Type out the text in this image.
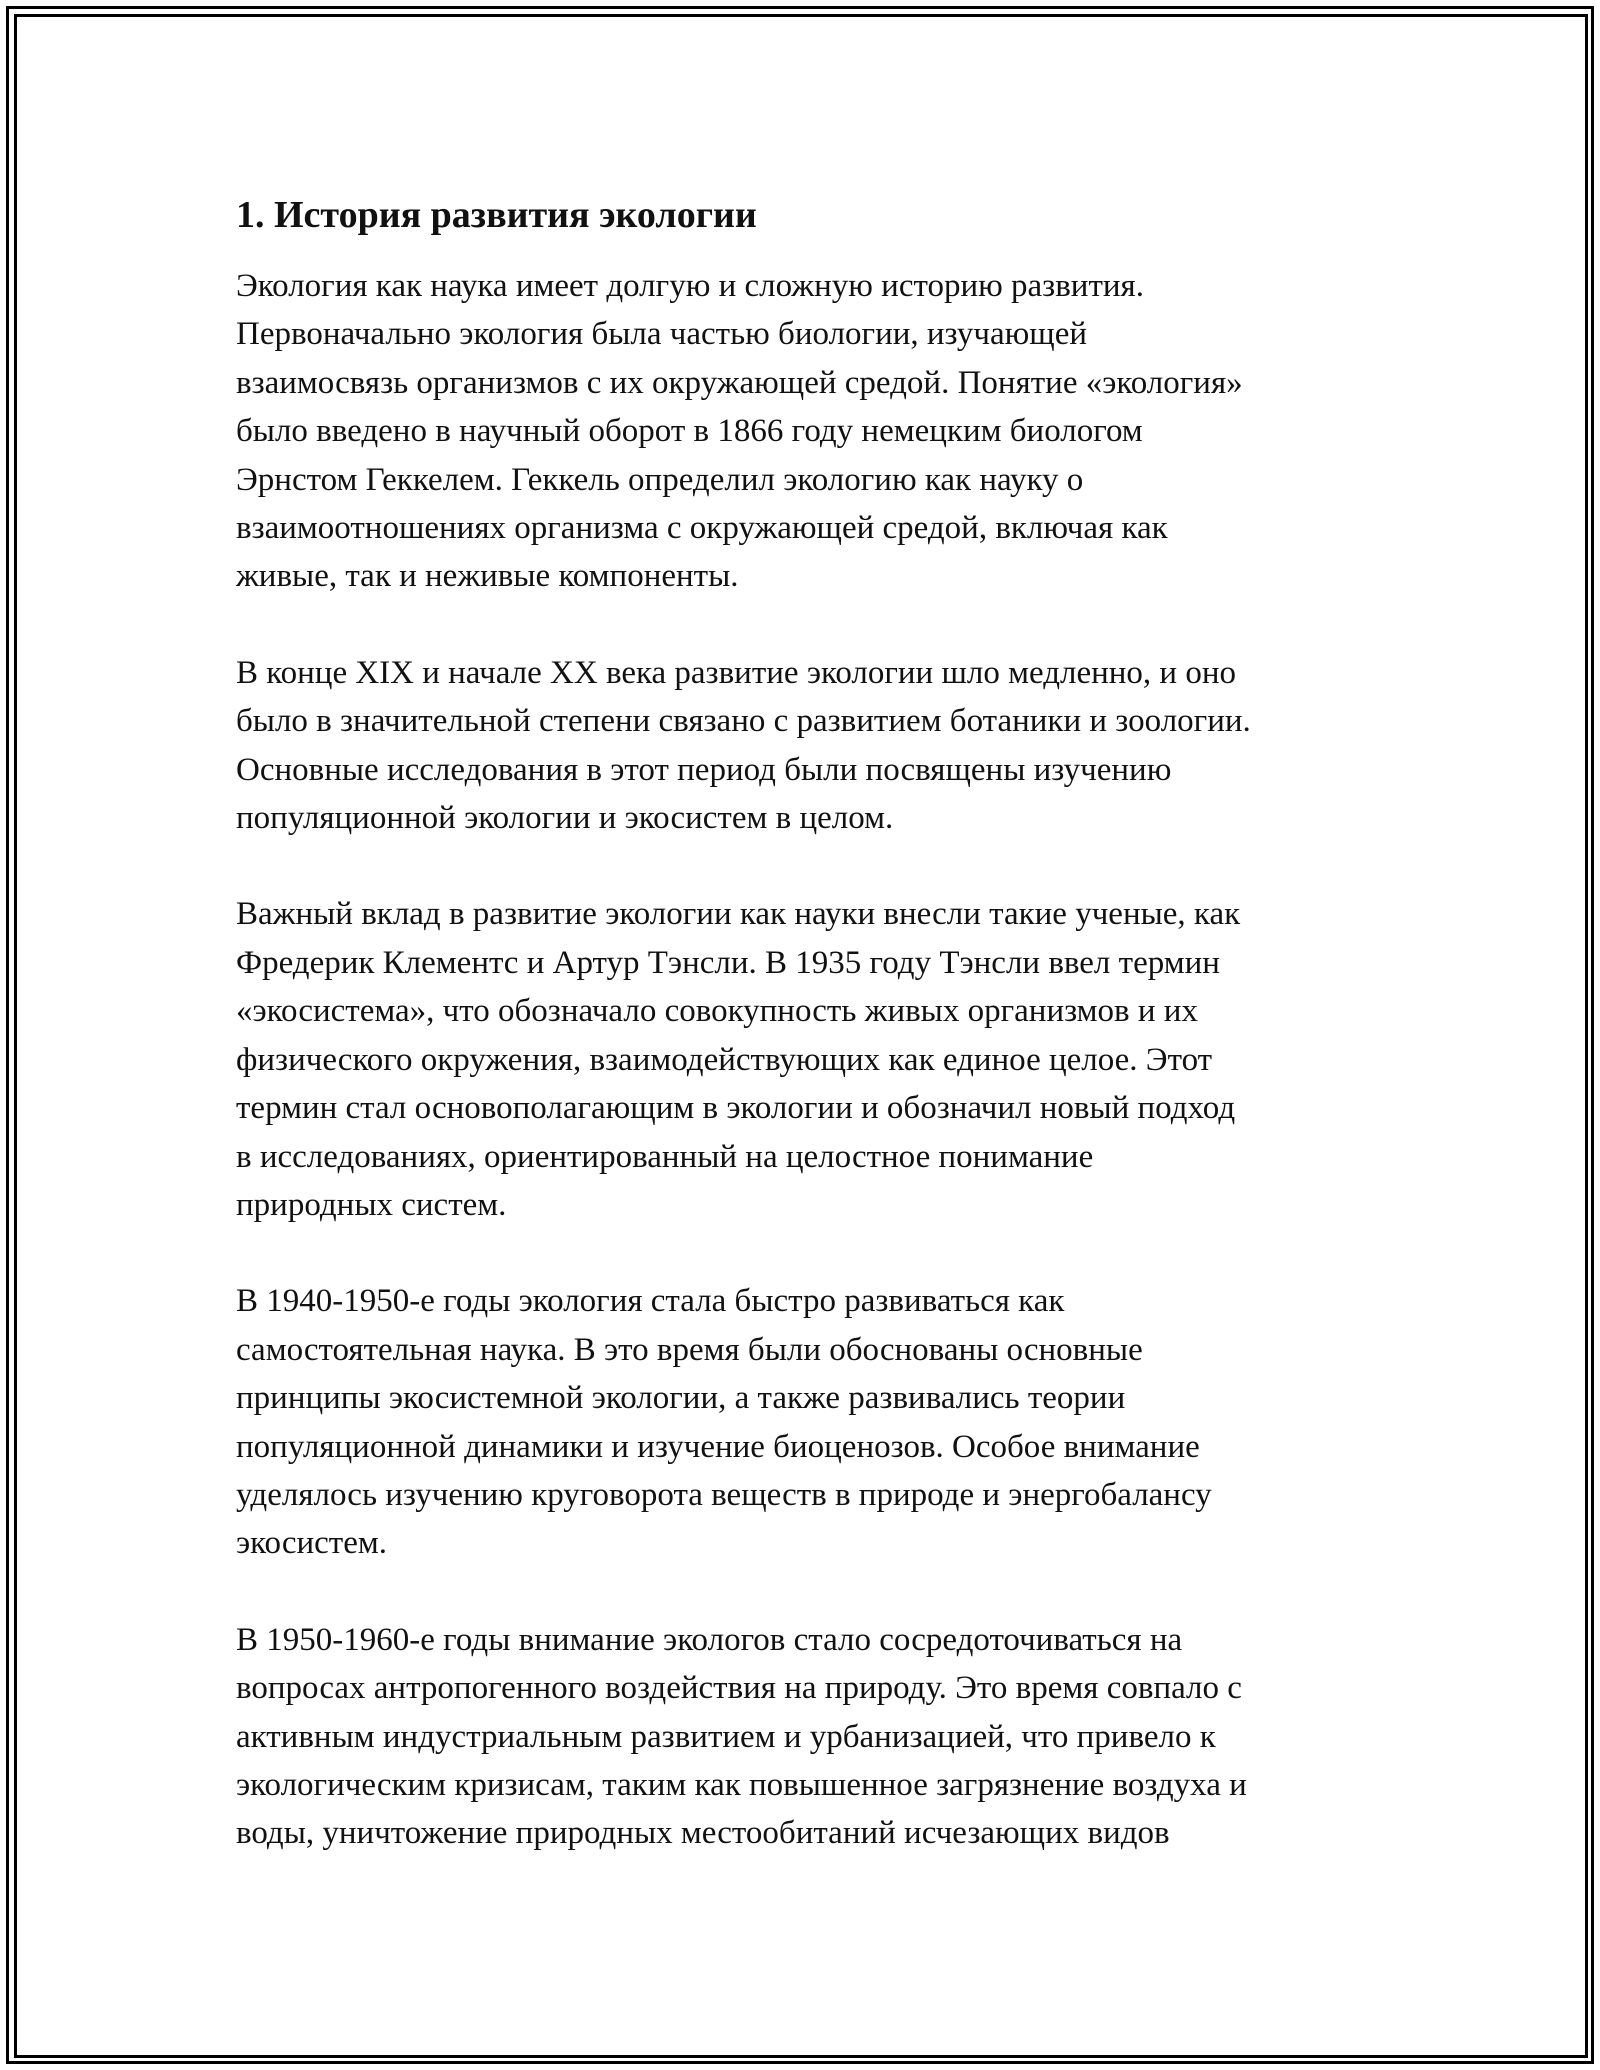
1. История развития экологии

Экология как наука имеет долгую и сложную историю развития.
Первоначально экология была частью биологии, изучающей
взаимосвязь организмов с их окружающей средой. Понятие «экология»
было введено в научный оборот в 1866 году немецким биологом
Эрнстом Геккелем. Геккель определил экологию как науку о
взаимоотношениях организма с окружающей средой, включая как
живые, так и неживые компоненты.

В конце XIX и начале XX века развитие экологии шло медленно, и оно
было в значительной степени связано с развитием ботаники и зоологии.
Основные исследования в этот период были посвящены изучению
популяционной экологии и экосистем в целом.

Важный вклад в развитие экологии как науки внесли такие ученые, как
Фредерик Клементс и Артур Тэнсли. В 1935 году Тэнсли ввел термин
«экосистема», что обозначало совокупность живых организмов и их
физического окружения, взаимодействующих как единое целое. Этот
термин стал основополагающим в экологии и обозначил новый подход
в исследованиях, ориентированный на целостное понимание
природных систем.

В 1940-1950-е годы экология стала быстро развиваться как
самостоятельная наука. В это время были обоснованы основные
принципы экосистемной экологии, а также развивались теории
популяционной динамики и изучение биоценозов. Особое внимание
уделялось изучению круговорота веществ в природе и энергобалансу
экосистем.

В 1950-1960-е годы внимание экологов стало сосредоточиваться на
вопросах антропогенного воздействия на природу. Это время совпало с
активным индустриальным развитием и урбанизацией, что привело к
экологическим кризисам, таким как повышенное загрязнение воздуха и
воды, уничтожение природных местообитаний исчезающих видов
